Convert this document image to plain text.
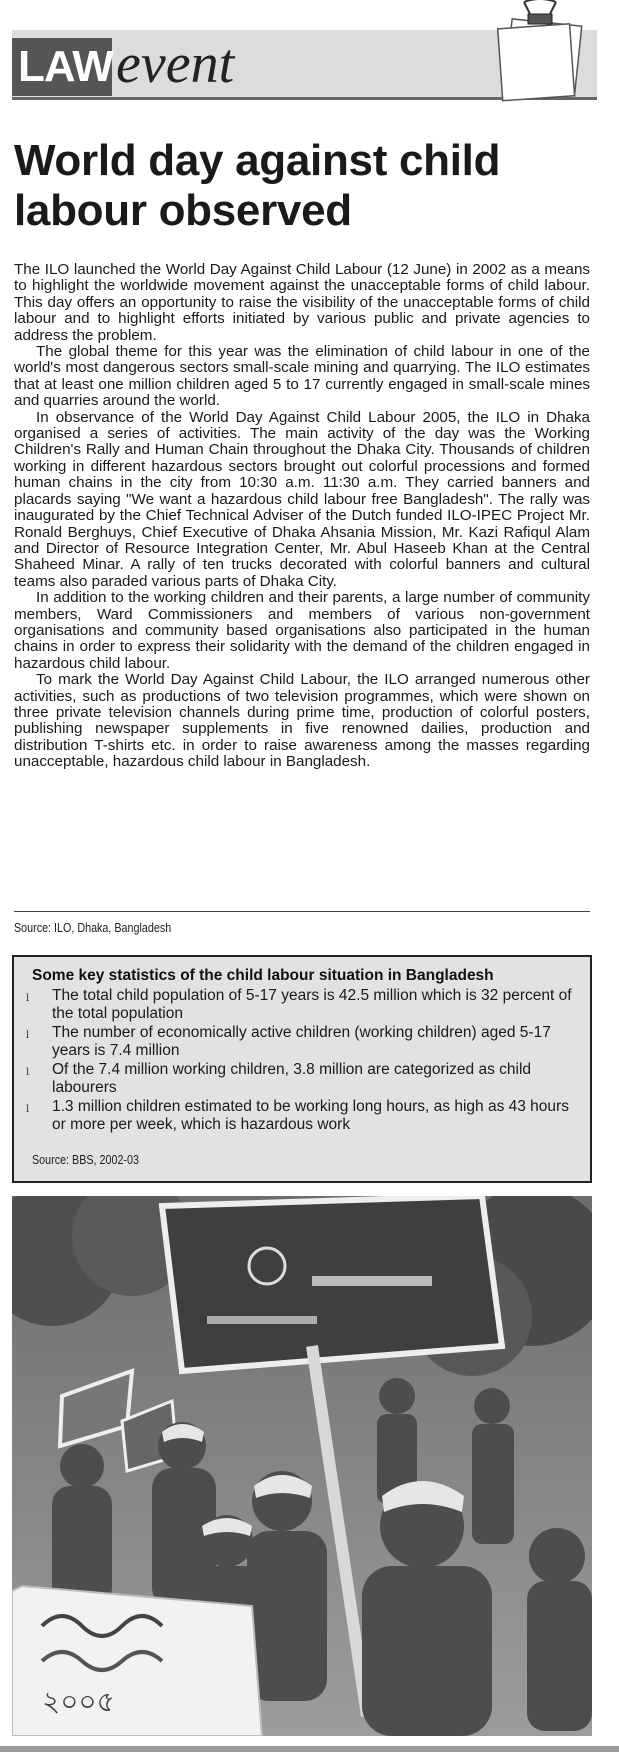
LAW event
World day against child labour observed

The ILO launched the World Day Against Child Labour (12 June) in 2002 as a means to highlight the worldwide movement against the unacceptable forms of child labour. This day offers an opportunity to raise the visibility of the unacceptable forms of child labour and to highlight efforts initiated by various public and private agencies to address the problem.

The global theme for this year was the elimination of child labour in one of the world's most dangerous sectors small-scale mining and quarrying. The ILO estimates that at least one million children aged 5 to 17 currently engaged in small-scale mines and quarries around the world.

In observance of the World Day Against Child Labour 2005, the ILO in Dhaka organised a series of activities. The main activity of the day was the Working Children's Rally and Human Chain throughout the Dhaka City. Thousands of children working in different hazardous sectors brought out colorful processions and formed human chains in the city from 10:30 a.m. 11:30 a.m. They carried banners and placards saying "We want a hazardous child labour free Bangladesh". The rally was inaugurated by the Chief Technical Adviser of the Dutch funded ILO-IPEC Project Mr. Ronald Berghuys, Chief Executive of Dhaka Ahsania Mission, Mr. Kazi Rafiqul Alam and Director of Resource Integration Center, Mr. Abul Haseeb Khan at the Central Shaheed Minar. A rally of ten trucks decorated with colorful banners and cultural teams also paraded various parts of Dhaka City.

In addition to the working children and their parents, a large number of community members, Ward Commissioners and members of various non-government organisations and community based organisations also participated in the human chains in order to express their solidarity with the demand of the children engaged in hazardous child labour.

To mark the World Day Against Child Labour, the ILO arranged numerous other activities, such as productions of two television programmes, which were shown on three private television channels during prime time, production of colorful posters, publishing newspaper supplements in five renowned dailies, production and distribution T-shirts etc. in order to raise awareness among the masses regarding unacceptable, hazardous child labour in Bangladesh.

Source: ILO, Dhaka, Bangladesh
Some key statistics of the child labour situation in Bangladesh
l The total child population of 5-17 years is 42.5 million which is 32 percent of the total population
l The number of economically active children (working children) aged 5-17 years is 7.4 million
l Of the 7.4 million working children, 3.8 million are categorized as child labourers
l 1.3 million children estimated to be working long hours, as high as 43 hours or more per week, which is hazardous work
Source: BBS, 2002-03
২০০৫
